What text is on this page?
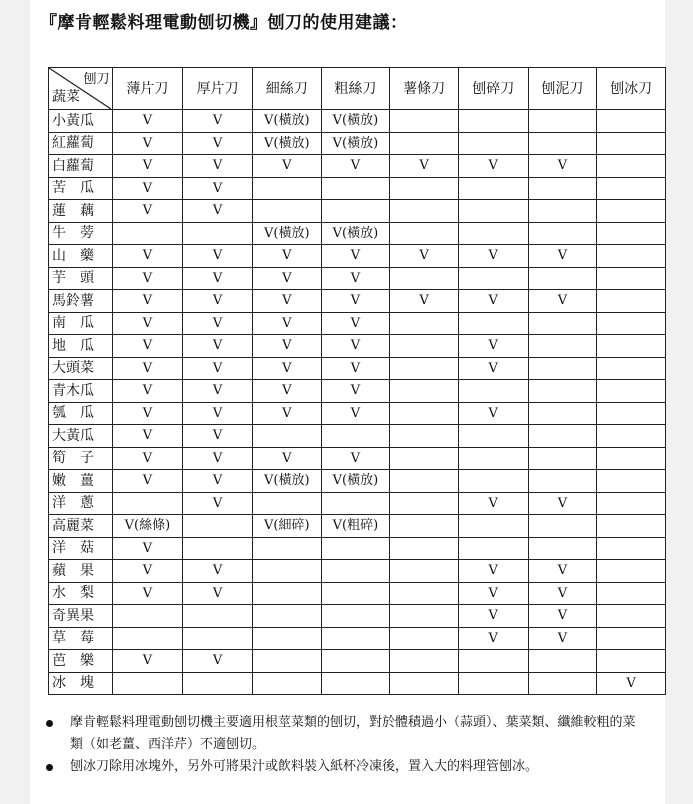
『摩肯輕鬆料理電動刨切機』刨刀的使用建議：
刨刀
蔬菜	薄片刀	厚片刀	細絲刀	粗絲刀	薯條刀	刨碎刀	刨泥刀	刨冰刀
小黃瓜	V	V	V(橫放)	V(橫放)				
紅蘿蔔	V	V	V(橫放)	V(橫放)				
白蘿蔔	V	V	V	V	V	V	V	
苦　瓜	V	V						
蓮　藕	V	V						
牛　蒡			V(橫放)	V(橫放)				
山　藥	V	V	V	V	V	V	V	
芋　頭	V	V	V	V				
馬鈴薯	V	V	V	V	V	V	V	
南　瓜	V	V	V	V				
地　瓜	V	V	V	V		V		
大頭菜	V	V	V	V		V		
青木瓜	V	V	V	V				
瓠　瓜	V	V	V	V		V		
大黃瓜	V	V						
筍　子	V	V	V	V				
嫩　薑	V	V	V(橫放)	V(橫放)				
洋　蔥		V				V	V	
高麗菜	V(絲條)		V(細碎)	V(粗碎)				
洋　菇	V							
蘋　果	V	V				V	V	
水　梨	V	V				V	V	
奇異果						V	V	
草　莓						V	V	
芭　樂	V	V						
冰　塊								V
摩肯輕鬆料理電動刨切機主要適用根莖菜類的刨切，對於體積過小（蒜頭）、葉菜類、纖維較粗的菜類（如老薑、西洋芹）不適刨切。
刨冰刀除用冰塊外，另外可將果汁或飲料裝入紙杯冷凍後，置入大的料理管刨冰。
